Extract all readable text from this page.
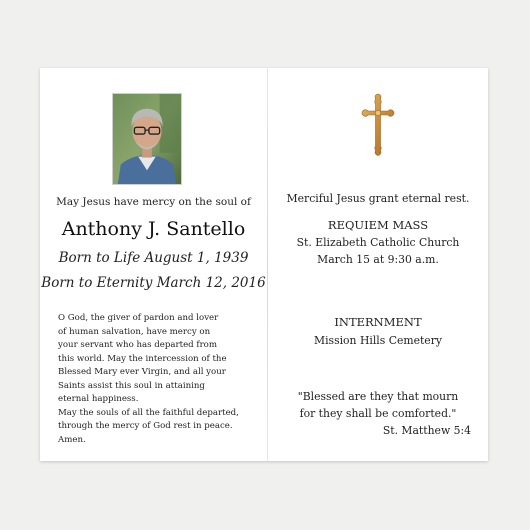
May Jesus have mercy on the soul of
Anthony J. Santello
Born to Life August 1, 1939
Born to Eternity March 12, 2016
O God, the giver of pardon and lover
of human salvation, have mercy on
your servant who has departed from
this world. May the intercession of the
Blessed Mary ever Virgin, and all your
Saints assist this soul in attaining
eternal happiness.
May the souls of all the faithful departed,
through the mercy of God rest in peace.
Amen.
Merciful Jesus grant eternal rest.
REQUIEM MASS
St. Elizabeth Catholic Church
March 15 at 9:30 a.m.
INTERNMENT
Mission Hills Cemetery
"Blessed are they that mourn
for they shall be comforted."
St. Matthew 5:4
